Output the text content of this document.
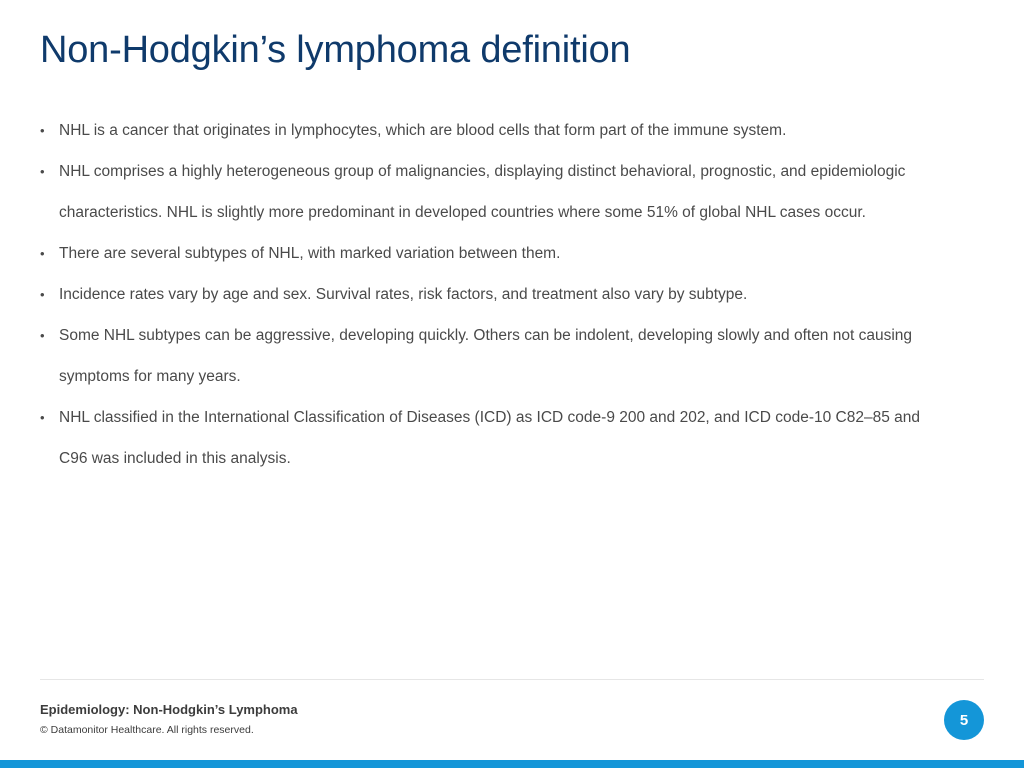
Non-Hodgkin’s lymphoma definition
• NHL is a cancer that originates in lymphocytes, which are blood cells that form part of the immune system.
• NHL comprises a highly heterogeneous group of malignancies, displaying distinct behavioral, prognostic, and epidemiologic characteristics. NHL is slightly more predominant in developed countries where some 51% of global NHL cases occur.
• There are several subtypes of NHL, with marked variation between them.
• Incidence rates vary by age and sex. Survival rates, risk factors, and treatment also vary by subtype.
• Some NHL subtypes can be aggressive, developing quickly. Others can be indolent, developing slowly and often not causing symptoms for many years.
• NHL classified in the International Classification of Diseases (ICD) as ICD code-9 200 and 202, and ICD code-10 C82–85 and C96 was included in this analysis.
Epidemiology: Non-Hodgkin’s Lymphoma
© Datamonitor Healthcare. All rights reserved.
5
